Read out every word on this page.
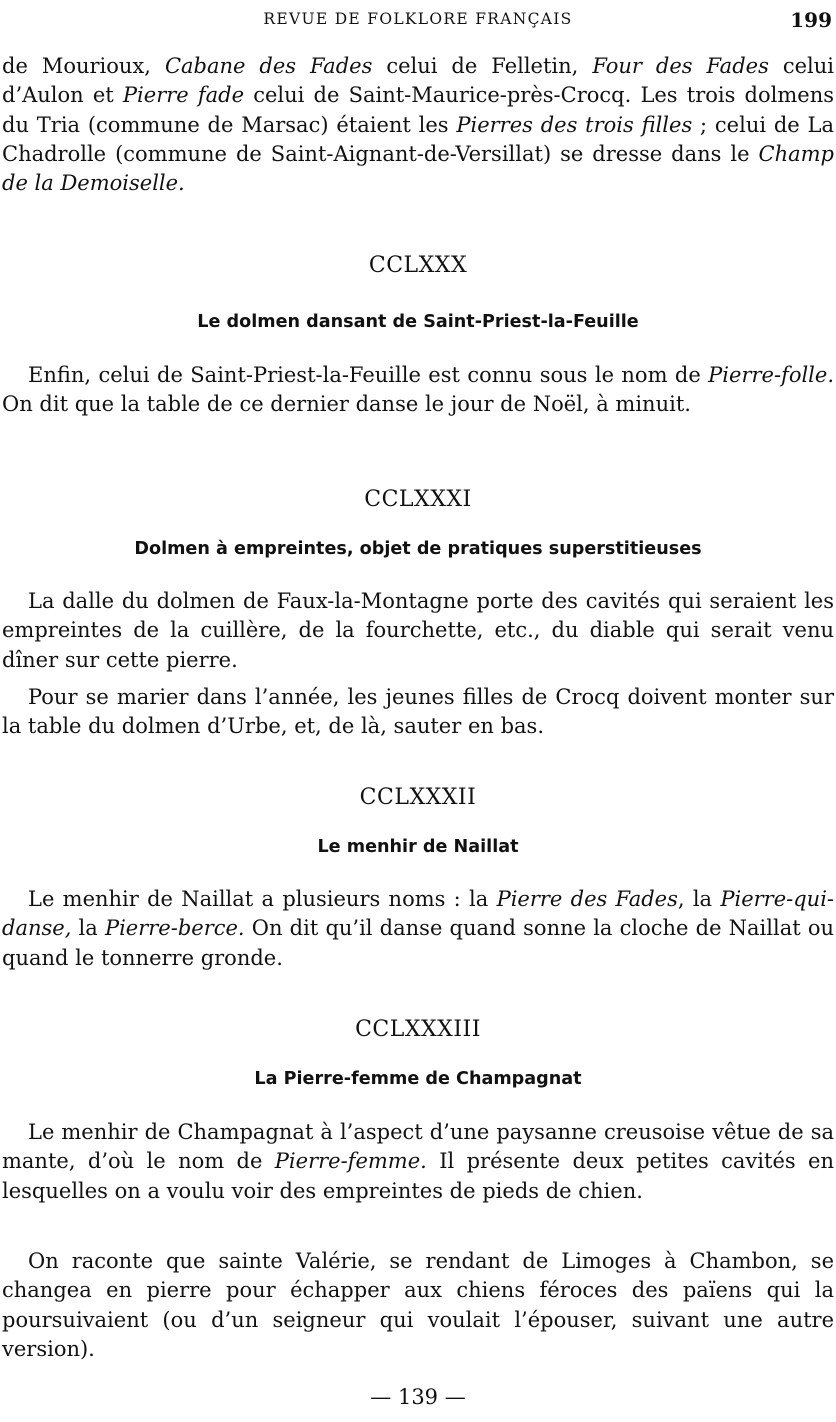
REVUE DE FOLKLORE FRANÇAIS	199

de Mourioux, Cabane des Fades celui de Felletin, Four des Fades celui d’Aulon et Pierre fade celui de Saint-Maurice-près-Crocq. Les trois dolmens du Tria (commune de Marsac) étaient les Pierres des trois filles ; celui de La Chadrolle (commune de Saint-Aignant-de-Versillat) se dresse dans le Champ de la Demoiselle.

CCLXXX
Le dolmen dansant de Saint-Priest-la-Feuille

Enfin, celui de Saint-Priest-la-Feuille est connu sous le nom de Pierre-folle. On dit que la table de ce dernier danse le jour de Noël, à minuit.

CCLXXXI
Dolmen à empreintes, objet de pratiques superstitieuses

La dalle du dolmen de Faux-la-Montagne porte des cavités qui seraient les empreintes de la cuillère, de la fourchette, etc., du diable qui serait venu dîner sur cette pierre.

Pour se marier dans l’année, les jeunes filles de Crocq doivent monter sur la table du dolmen d’Urbe, et, de là, sauter en bas.

CCLXXXII
Le menhir de Naillat

Le menhir de Naillat a plusieurs noms : la Pierre des Fades, la Pierre-qui-danse, la Pierre-berce. On dit qu’il danse quand sonne la cloche de Naillat ou quand le tonnerre gronde.

CCLXXXIII
La Pierre-femme de Champagnat

Le menhir de Champagnat à l’aspect d’une paysanne creusoise vêtue de sa mante, d’où le nom de Pierre-femme. Il présente deux petites cavités en lesquelles on a voulu voir des empreintes de pieds de chien.

On raconte que sainte Valérie, se rendant de Limoges à Chambon, se changea en pierre pour échapper aux chiens féroces des païens qui la poursuivaient (ou d’un seigneur qui voulait l’épouser, suivant une autre version).

— 139 —
